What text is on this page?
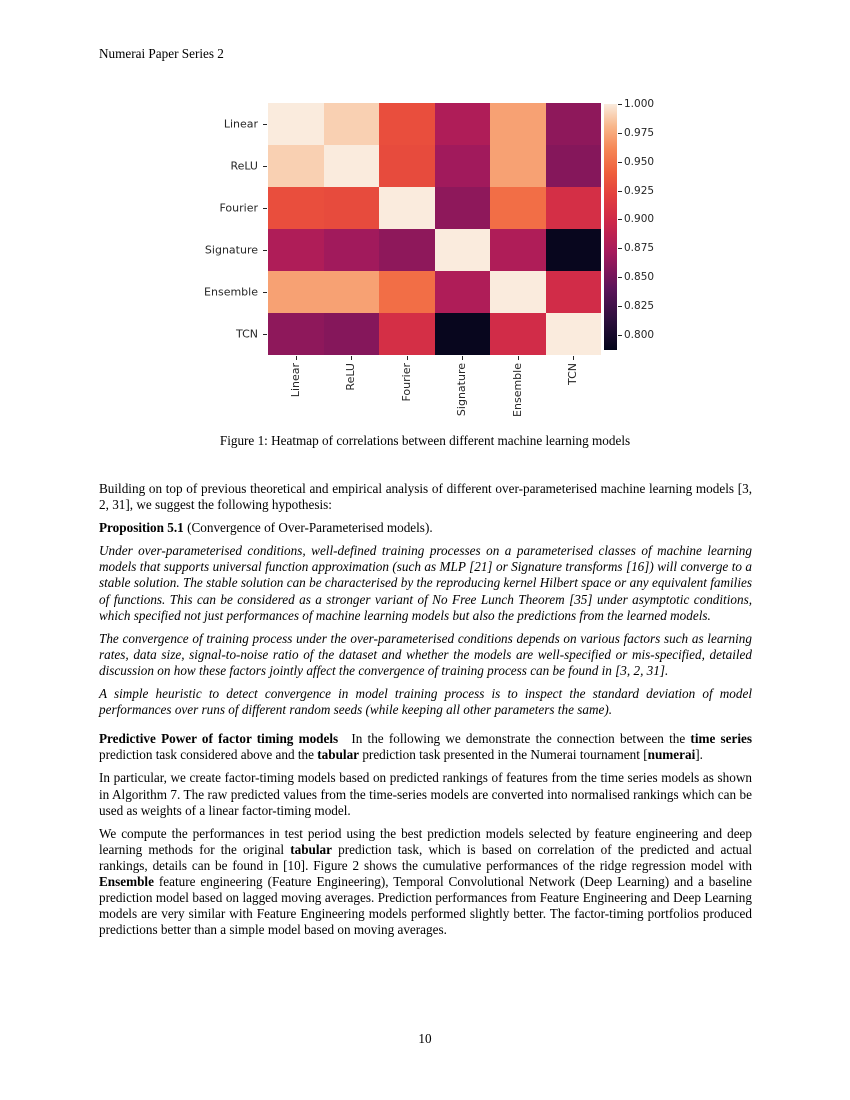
Numerai Paper Series 2
Linear
ReLU
Fourier
Signature
Ensemble
TCN
Linear	ReLU	Fourier	Signature	Ensemble	TCN
1.000
0.975
0.950
0.925
0.900
0.875
0.850
0.825
0.800
Figure 1: Heatmap of correlations between different machine learning models

Building on top of previous theoretical and empirical analysis of different over-parameterised machine learning models [3, 2, 31], we suggest the following hypothesis:

Proposition 5.1 (Convergence of Over-Parameterised models).

Under over-parameterised conditions, well-defined training processes on a parameterised classes of machine learning models that supports universal function approximation (such as MLP [21] or Signature transforms [16]) will converge to a stable solution. The stable solution can be characterised by the reproducing kernel Hilbert space or any equivalent families of functions. This can be considered as a stronger variant of No Free Lunch Theorem [35] under asymptotic conditions, which specified not just performances of machine learning models but also the predictions from the learned models.

The convergence of training process under the over-parameterised conditions depends on various factors such as learning rates, data size, signal-to-noise ratio of the dataset and whether the models are well-specified or mis-specified, detailed discussion on how these factors jointly affect the convergence of training process can be found in [3, 2, 31].

A simple heuristic to detect convergence in model training process is to inspect the standard deviation of model performances over runs of different random seeds (while keeping all other parameters the same).

Predictive Power of factor timing models In the following we demonstrate the connection between the time series prediction task considered above and the tabular prediction task presented in the Numerai tournament [numerai].

In particular, we create factor-timing models based on predicted rankings of features from the time series models as shown in Algorithm 7. The raw predicted values from the time-series models are converted into normalised rankings which can be used as weights of a linear factor-timing model.

We compute the performances in test period using the best prediction models selected by feature engineering and deep learning methods for the original tabular prediction task, which is based on correlation of the predicted and actual rankings, details can be found in [10]. Figure 2 shows the cumulative performances of the ridge regression model with Ensemble feature engineering (Feature Engineering), Temporal Convolutional Network (Deep Learning) and a baseline prediction model based on lagged moving averages. Prediction performances from Feature Engineering and Deep Learning models are very similar with Feature Engineering models performed slightly better. The factor-timing portfolios produced predictions better than a simple model based on moving averages.

10
